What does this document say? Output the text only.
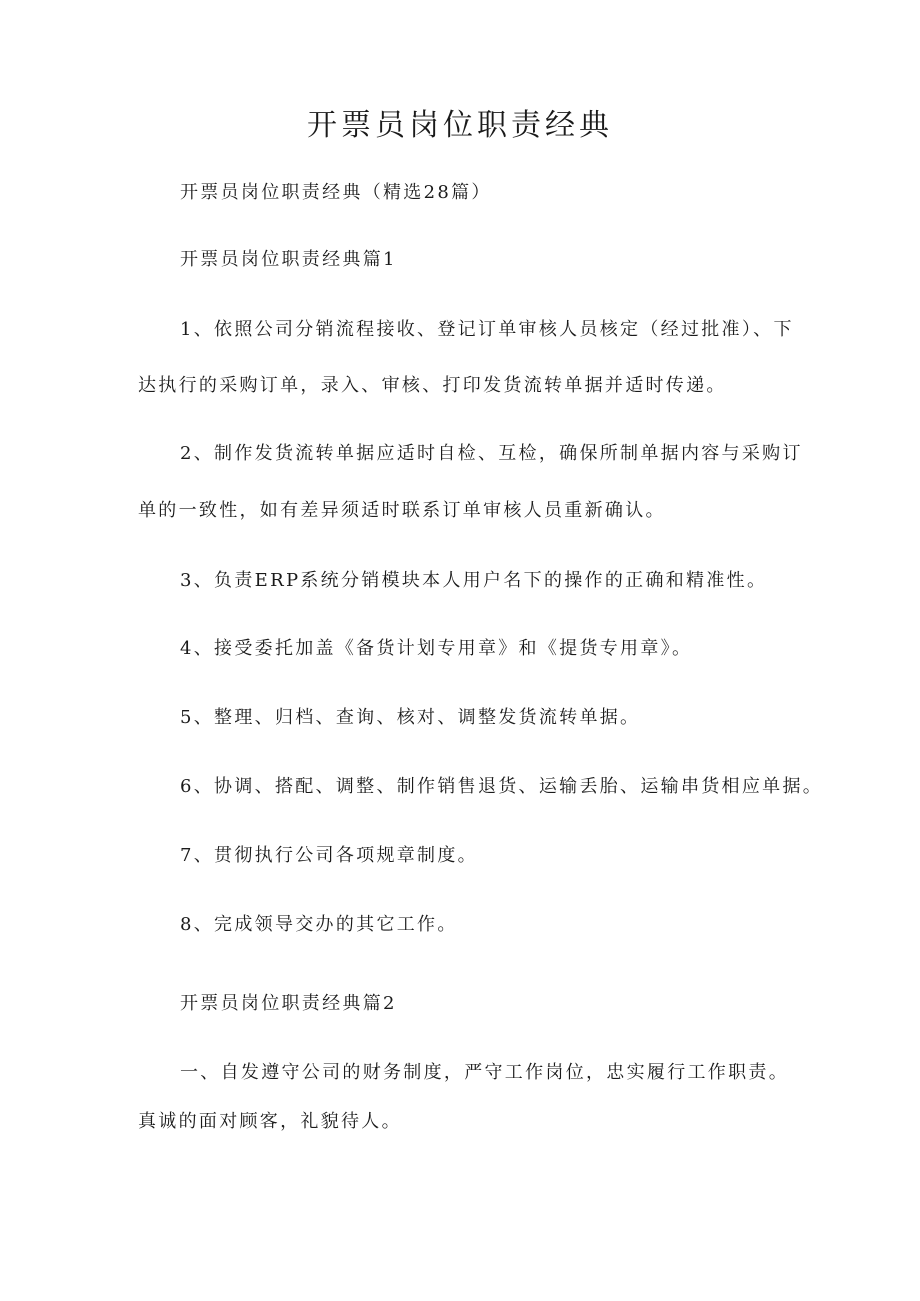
开票员岗位职责经典

开票员岗位职责经典（精选28篇）

开票员岗位职责经典篇1

1、依照公司分销流程接收、登记订单审核人员核定（经过批准）、下

达执行的采购订单，录入、审核、打印发货流转单据并适时传递。

2、制作发货流转单据应适时自检、互检，确保所制单据内容与采购订

单的一致性，如有差异须适时联系订单审核人员重新确认。

3、负责ERP系统分销模块本人用户名下的操作的正确和精准性。

4、接受委托加盖《备货计划专用章》和《提货专用章》。

5、整理、归档、查询、核对、调整发货流转单据。

6、协调、搭配、调整、制作销售退货、运输丢胎、运输串货相应单据。

7、贯彻执行公司各项规章制度。

8、完成领导交办的其它工作。

开票员岗位职责经典篇2

一、自发遵守公司的财务制度，严守工作岗位，忠实履行工作职责。

真诚的面对顾客，礼貌待人。
